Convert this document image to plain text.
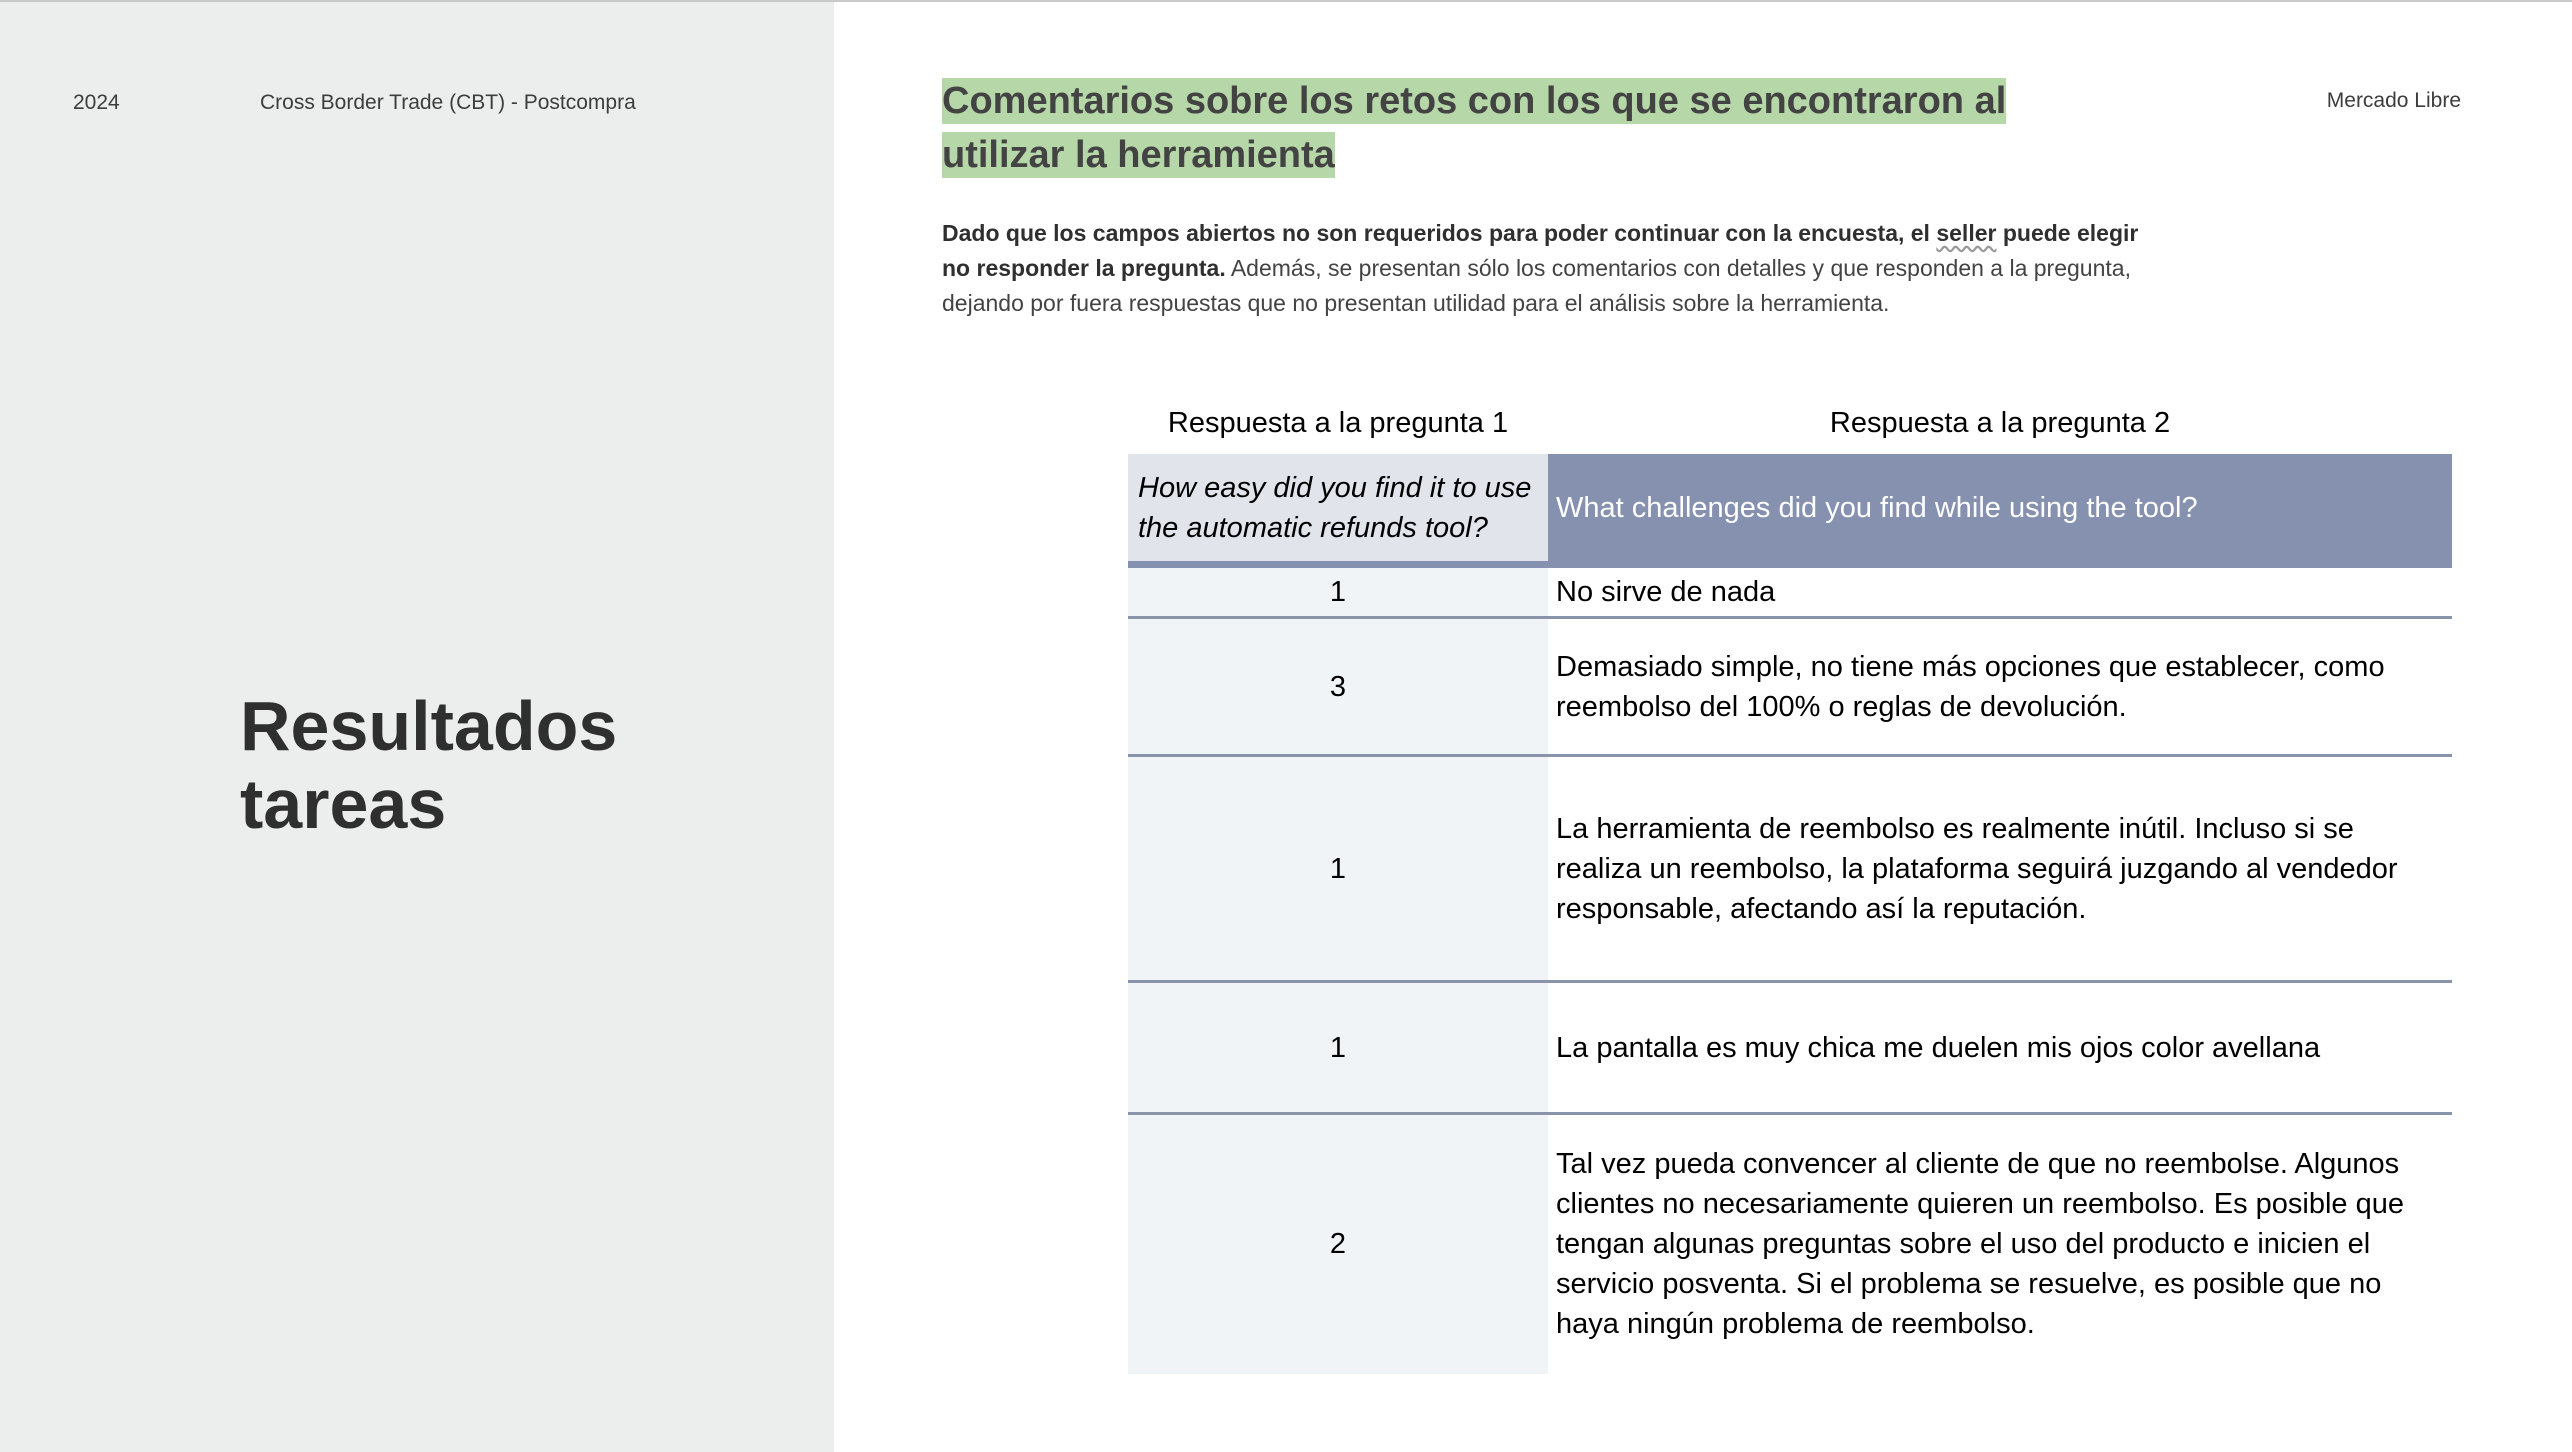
2024	Cross Border Trade (CBT) - Postcompra
Resultados
tareas
Mercado Libre
Comentarios sobre los retos con los que se encontraron al utilizar la herramienta
Dado que los campos abiertos no son requeridos para poder continuar con la encuesta, el seller puede elegir no responder la pregunta. Además, se presentan sólo los comentarios con detalles y que responden a la pregunta, dejando por fuera respuestas que no presentan utilidad para el análisis sobre la herramienta.
Respuesta a la pregunta 1	Respuesta a la pregunta 2
How easy did you find it to use the automatic refunds tool?	What challenges did you find while using the tool?
1	No sirve de nada
3	Demasiado simple, no tiene más opciones que establecer, como reembolso del 100% o reglas de devolución.
1	La herramienta de reembolso es realmente inútil. Incluso si se realiza un reembolso, la plataforma seguirá juzgando al vendedor responsable, afectando así la reputación.
1	La pantalla es muy chica me duelen mis ojos color avellana
2	Tal vez pueda convencer al cliente de que no reembolse. Algunos clientes no necesariamente quieren un reembolso. Es posible que tengan algunas preguntas sobre el uso del producto e inicien el servicio posventa. Si el problema se resuelve, es posible que no haya ningún problema de reembolso.
